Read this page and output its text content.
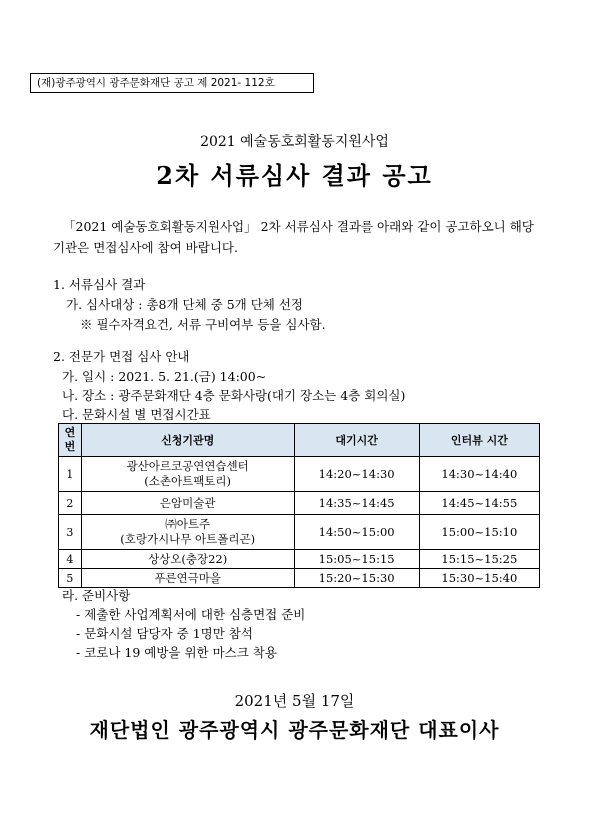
(재)광주광역시 광주문화재단 공고 제 2021- 112호
2021 예술동호회활동지원사업
2차 서류심사 결과 공고
「2021 예술동호회활동지원사업」 2차 서류심사 결과를 아래와 같이 공고하오니 해당 기관은 면접심사에 참여 바랍니다.
1. 서류심사 결과
가. 심사대상 : 총8개 단체 중 5개 단체 선정
※ 필수자격요건, 서류 구비여부 등을 심사함.
2. 전문가 면접 심사 안내
가. 일시 : 2021. 5. 21.(금) 14:00~
나. 장소 : 광주문화재단 4층 문화사랑(대기 장소는 4층 회의실)
다. 문화시설 별 면접시간표
연
번	신청기관명	대기시간	인터뷰 시간
1	광산아르코공연연습센터
(소촌아트팩토리)	14:20~14:30	14:30~14:40
2	은암미술관	14:35~14:45	14:45~14:55
3	㈜아트주
(호랑가시나무 아트폴리곤)	14:50~15:00	15:00~15:10
4	상상오(충장22)	15:05~15:15	15:15~15:25
5	푸른연극마을	15:20~15:30	15:30~15:40
라. 준비사항
- 제출한 사업계획서에 대한 심층면접 준비
- 문화시설 담당자 중 1명만 참석
- 코로나 19 예방을 위한 마스크 착용
2021년 5월 17일
재단법인 광주광역시 광주문화재단 대표이사
